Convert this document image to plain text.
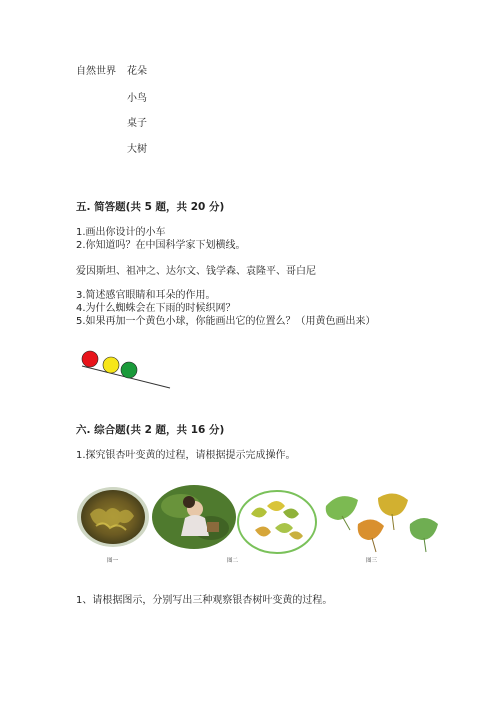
自然世界 花朵
小鸟
桌子
大树
五. 简答题(共 5 题，共 20 分)
1.画出你设计的小车
2.你知道吗？在中国科学家下划横线。
爱因斯坦、祖冲之、达尔文、钱学森、袁隆平、哥白尼
3.简述感官眼睛和耳朵的作用。
4.为什么蜘蛛会在下雨的时候织网？
5.如果再加一个黄色小球，你能画出它的位置么？（用黄色画出来）
六. 综合题(共 2 题，共 16 分)
1.探究银杏叶变黄的过程，请根据提示完成操作。
图一	图二	图三
1、请根据图示，分别写出三种观察银杏树叶变黄的过程。
